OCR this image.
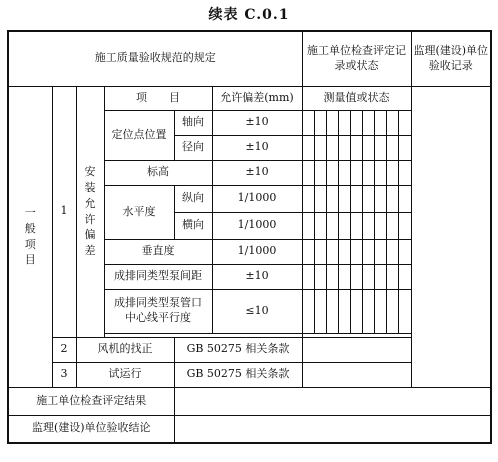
续表 C.0.1
施工质量验收规范的规定						施工单位检查评定记录或状态									监理(建设)单位验收记录
一般项目	1	安装允许偏差	项　　目		允许偏差(mm)	测量值或状态									
			定位点位置	轴向	±10										
				径向	±10										
			标高		±10										
			水平度	纵向	1/1000										
				横向	1/1000										
			垂直度		1/1000										
			成排同类型泵间距		±10										
			成排同类型泵管口中心线平行度		≤10										

	2	风机的找正		GB 50275 相关条款											
	3	试运行		GB 50275 相关条款											
施工单位检查评定结果															
监理(建设)单位验收结论															
